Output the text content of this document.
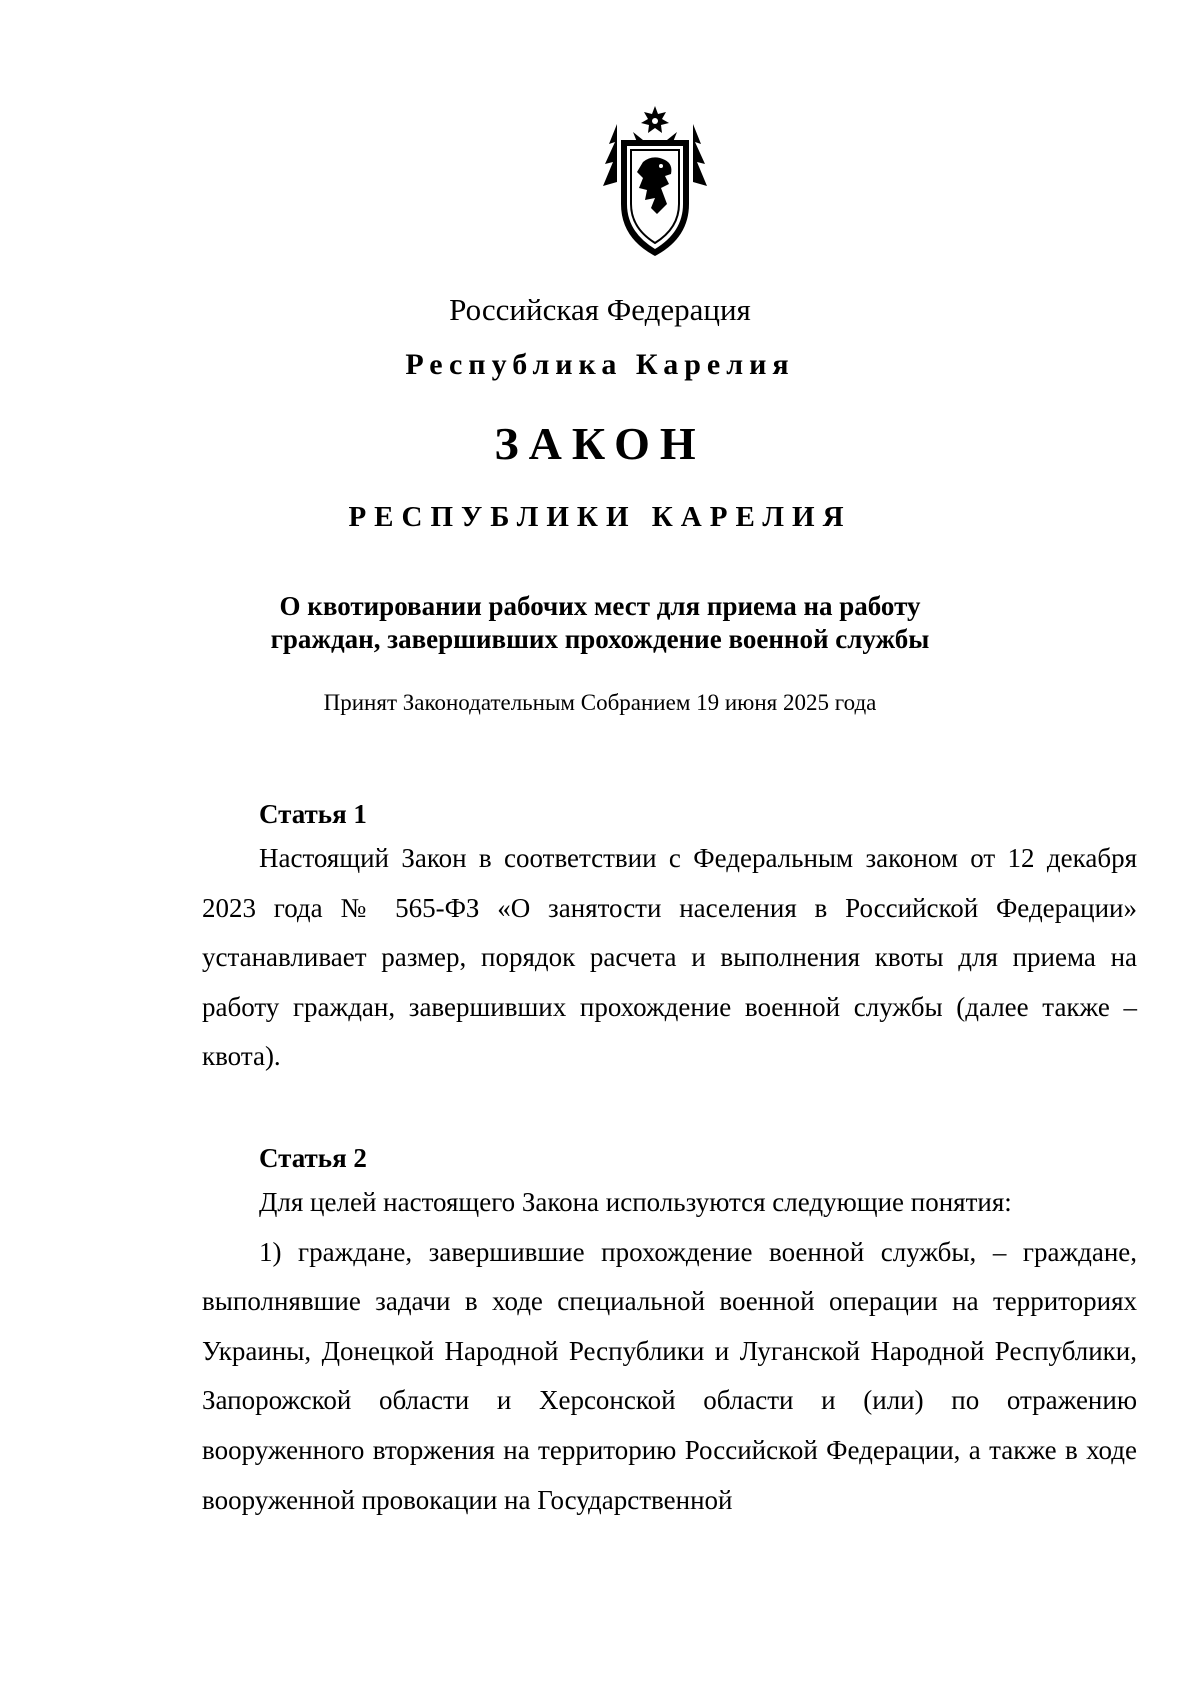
Российская Федерация
Республика Карелия
ЗАКОН
РЕСПУБЛИКИ КАРЕЛИЯ
О квотировании рабочих мест для приема на работу
граждан, завершивших прохождение военной службы
Принят Законодательным Собранием 19 июня 2025 года

Статья 1

Настоящий Закон в соответствии с Федеральным законом от 12 декабря 2023 года № 565-ФЗ «О занятости населения в Российской Федерации» устанавливает размер, порядок расчета и выполнения квоты для приема на работу граждан, завершивших прохождение военной службы (далее также – квота).

Статья 2

Для целей настоящего Закона используются следующие понятия:

1) граждане, завершившие прохождение военной службы, – граждане, выполнявшие задачи в ходе специальной военной операции на территориях Украины, Донецкой Народной Республики и Луганской Народной Республики, Запорожской области и Херсонской области и (или) по отражению вооруженного вторжения на территорию Российской Федерации, а также в ходе вооруженной провокации на Государственной
